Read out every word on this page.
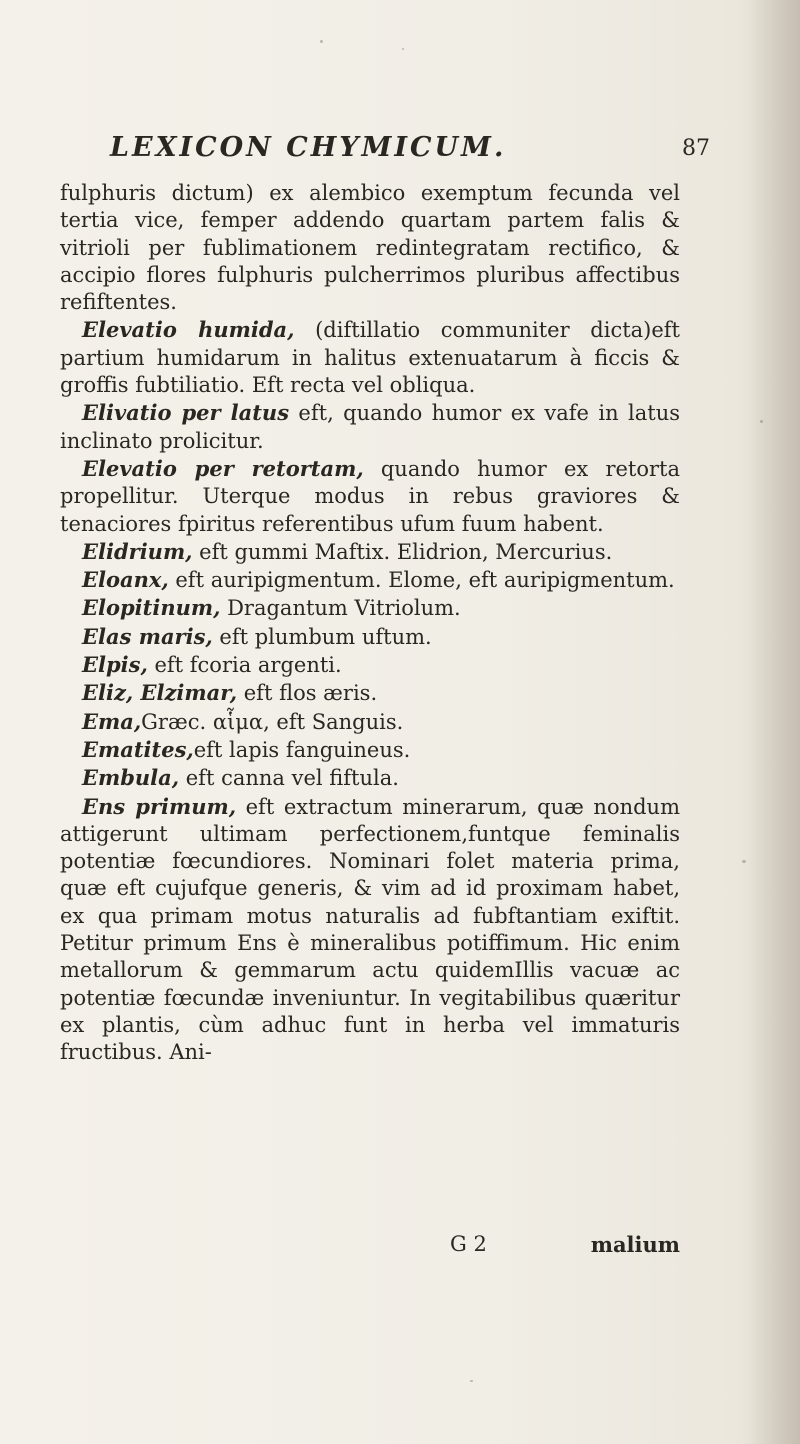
LEXICON CHYMICUM.	87

fulphuris dictum) ex alembico exemptum fecunda vel tertia vice, femper addendo quartam partem falis & vitrioli per fublimationem redintegratam rectifico, & accipio flores fulphuris pulcherrimos pluribus affectibus refiftentes.

Elevatio humida, (diftillatio communiter dicta)eft partium humidarum in halitus extenuatarum à ficcis & groffis fubtiliatio. Eft recta vel obliqua.

Elivatio per latus eft, quando humor ex vafe in latus inclinato prolicitur.

Elevatio per retortam, quando humor ex retorta propellitur. Uterque modus in rebus graviores & tenaciores fpiritus referentibus ufum fuum habent.

Elidrium, eft gummi Maftix. Elidrion, Mercurius.

Eloanx, eft auripigmentum. Elome, eft auripigmentum.

Elopitinum, Dragantum Vitriolum.

Elas maris, eft plumbum uftum.

Elpis, eft fcoria argenti.

Eliz, Elzimar, eft flos æris.

Ema,Græc. αἷμα, eft Sanguis.

Ematites,eft lapis fanguineus.

Embula, eft canna vel fiftula.

Ens primum, eft extractum minerarum, quæ nondum attigerunt ultimam perfectionem,funtque feminalis potentiæ fœcundiores. Nominari folet materia prima, quæ eft cujufque generis, & vim ad id proximam habet, ex qua primam motus naturalis ad fubftantiam exiftit. Petitur primum Ens è mineralibus potiffimum. Hic enim metallorum & gemmarum actu quidemIllis vacuæ ac potentiæ fœcundæ inveniuntur. In vegitabilibus quæritur ex plantis, cùm adhuc funt in herba vel immaturis fructibus. Ani-

G 2	malium
